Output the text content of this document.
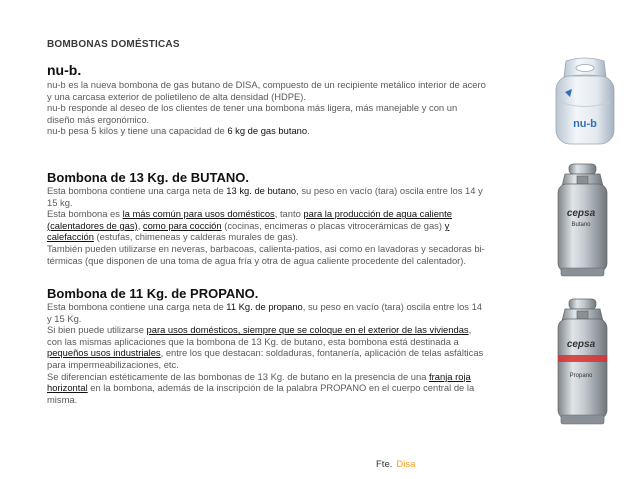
BOMBONAS DOMÉSTICAS
nu-b.

nu-b es la nueva bombona de gas butano de DISA, compuesto de un recipiente metálico interior de acero
y una carcasa exterior de polietileno de alta densidad (HDPE).
nu-b responde al deseo de los clientes de tener una bombona más ligera, más manejable y con un
diseño más ergonómico.
nu-b pesa 5 kilos y tiene una capacidad de 6 kg de gas butano.

Bombona de 13 Kg. de BUTANO.

Esta bombona contiene una carga neta de 13 kg. de butano, su peso en vacío (tara) oscila entre los 14 y
15 kg.
Esta bombona es la más común para usos domésticos, tanto para la producción de agua caliente
(calentadores de gas), como para cocción (cocinas, encimeras o placas vitrocerámicas de gas) y
calefacción (estufas, chimeneas y calderas murales de gas).
También pueden utilizarse en neveras, barbacoas, calienta-patios, asi como en lavadoras y secadoras bi-
térmicas (que disponen de una toma de agua fría y otra de agua caliente procedente del calentador).

Bombona de 11 Kg. de PROPANO.

Esta bombona contiene una carga neta de 11 Kg. de propano, su peso en vacío (tara) oscila entre los 14
y 15 Kg.
Si bien puede utilizarse para usos domésticos, siempre que se coloque en el exterior de las viviendas,
con las mismas aplicaciones que la bombona de 13 Kg. de butano, esta bombona está destinada a
pequeños usos industriales, entre los que destacan: soldaduras, fontanería, aplicación de telas asfálticas
para impermeabilizaciones, etc.
Se diferencian estéticamente de las bombonas de 13 Kg. de butano en la presencia de una franja roja
horizontal en la bombona, además de la inscripción de la palabra PROPANO en el cuerpo central de la
misma.

nu-b
cepsa
Butano
cepsa
Propano
Fte. Disa
